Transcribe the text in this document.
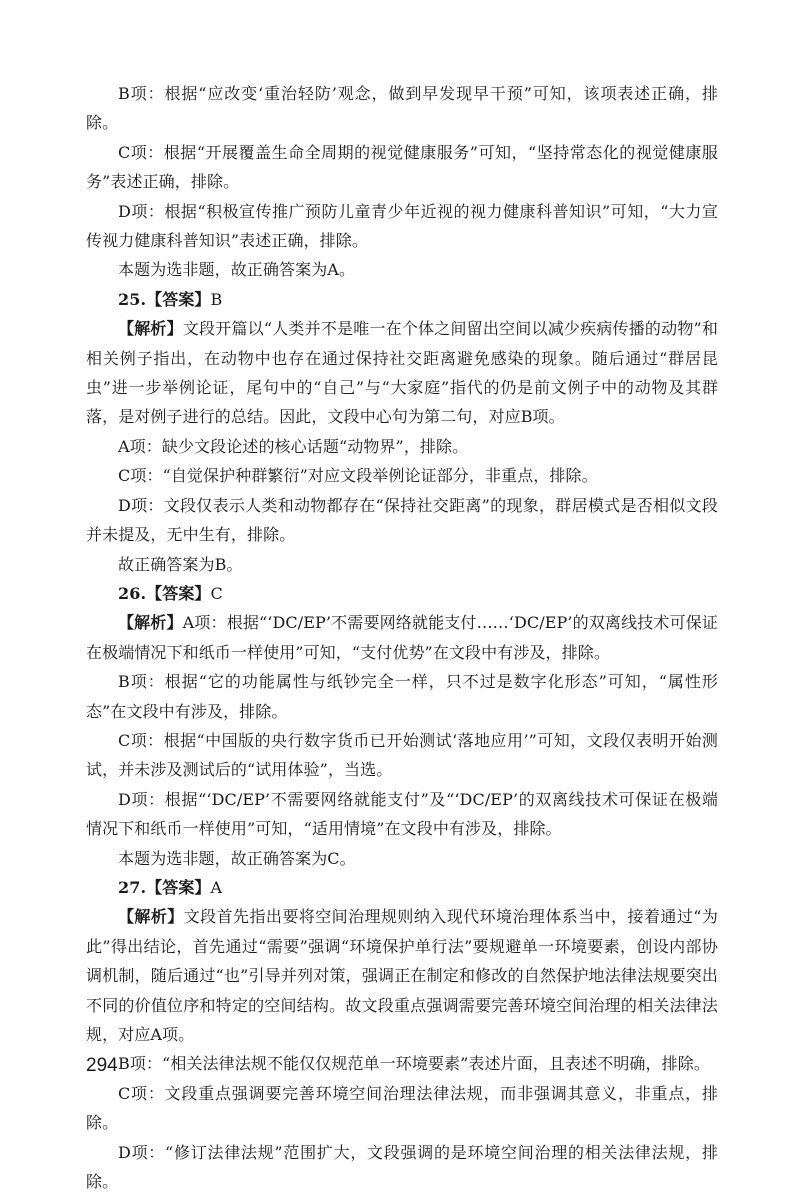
B项：根据“应改变‘重治轻防’观念，做到早发现早干预”可知，该项表述正确，排除。

C项：根据“开展覆盖生命全周期的视觉健康服务”可知，“坚持常态化的视觉健康服务”表述正确，排除。

D项：根据“积极宣传推广预防儿童青少年近视的视力健康科普知识”可知，“大力宣传视力健康科普知识”表述正确，排除。

本题为选非题，故正确答案为A。

25.【答案】B

【解析】文段开篇以“人类并不是唯一在个体之间留出空间以减少疾病传播的动物”和相关例子指出，在动物中也存在通过保持社交距离避免感染的现象。随后通过“群居昆虫”进一步举例论证，尾句中的“自己”与“大家庭”指代的仍是前文例子中的动物及其群落，是对例子进行的总结。因此，文段中心句为第二句，对应B项。

A项：缺少文段论述的核心话题“动物界”，排除。

C项：“自觉保护种群繁衍”对应文段举例论证部分，非重点，排除。

D项：文段仅表示人类和动物都存在“保持社交距离”的现象，群居模式是否相似文段并未提及，无中生有，排除。

故正确答案为B。

26.【答案】C

【解析】A项：根据“‘DC/EP’不需要网络就能支付……‘DC/EP’的双离线技术可保证在极端情况下和纸币一样使用”可知，“支付优势”在文段中有涉及，排除。

B项：根据“它的功能属性与纸钞完全一样，只不过是数字化形态”可知，“属性形态”在文段中有涉及，排除。

C项：根据“中国版的央行数字货币已开始测试‘落地应用’”可知，文段仅表明开始测试，并未涉及测试后的“试用体验”，当选。

D项：根据“‘DC/EP’不需要网络就能支付”及“‘DC/EP’的双离线技术可保证在极端情况下和纸币一样使用”可知，“适用情境”在文段中有涉及，排除。

本题为选非题，故正确答案为C。

27.【答案】A

【解析】文段首先指出要将空间治理规则纳入现代环境治理体系当中，接着通过“为此”得出结论，首先通过“需要”强调“环境保护单行法”要规避单一环境要素，创设内部协调机制，随后通过“也”引导并列对策，强调正在制定和修改的自然保护地法律法规要突出不同的价值位序和特定的空间结构。故文段重点强调需要完善环境空间治理的相关法律法规，对应A项。

B项：“相关法律法规不能仅仅规范单一环境要素”表述片面，且表述不明确，排除。

C项：文段重点强调要完善环境空间治理法律法规，而非强调其意义，非重点，排除。

D项：“修订法律法规”范围扩大，文段强调的是环境空间治理的相关法律法规，排除。

294
